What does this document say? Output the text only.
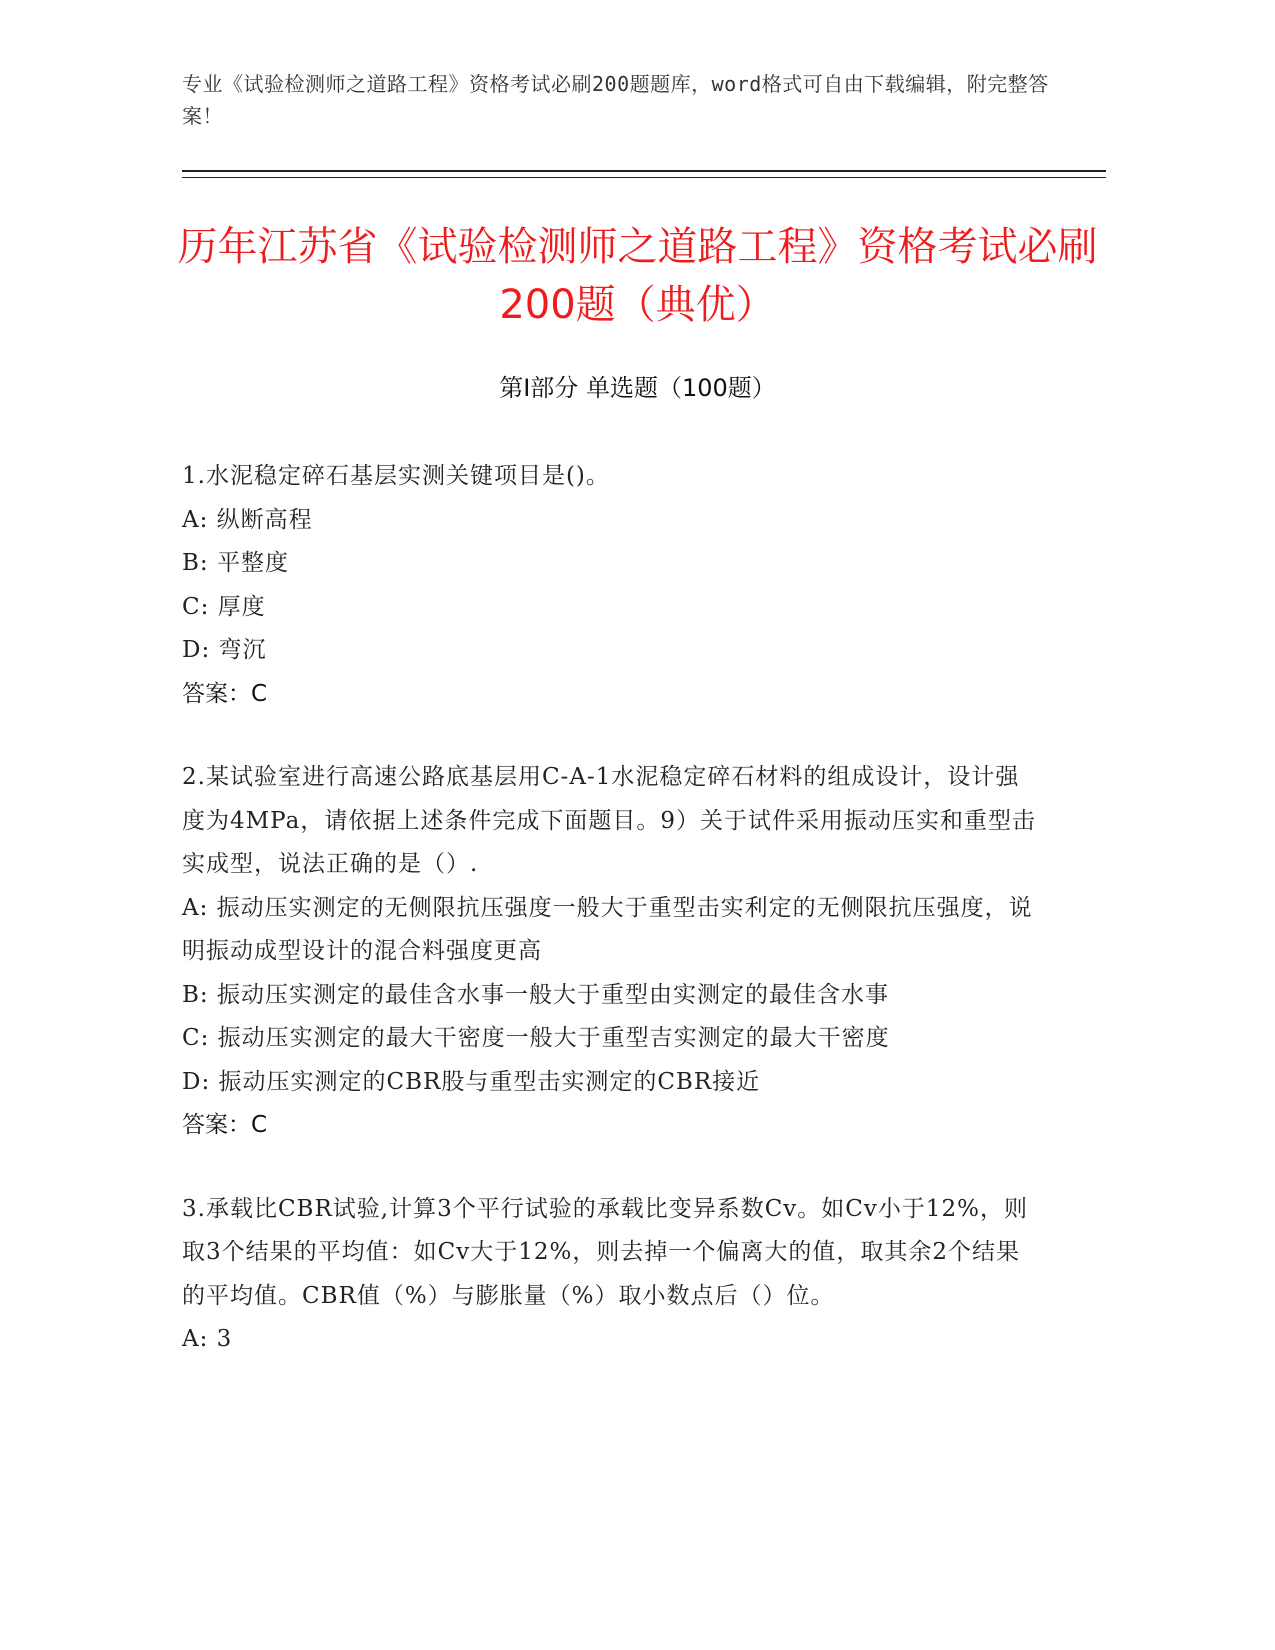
专业《试验检测师之道路工程》资格考试必刷200题题库，word格式可自由下载编辑，附完整答案！
历年江苏省《试验检测师之道路工程》资格考试必刷200题（典优）
第Ⅰ部分 单选题（100题）
1.水泥稳定碎石基层实测关键项目是()。
A: 纵断高程
B: 平整度
C: 厚度
D: 弯沉
答案：C
2.某试验室进行高速公路底基层用C-A-1水泥稳定碎石材料的组成设计，设计强度为4MPa，请依据上述条件完成下面题目。9）关于试件采用振动压实和重型击实成型，说法正确的是（）.
A: 振动压实测定的无侧限抗压强度一般大于重型击实利定的无侧限抗压强度，说明振动成型设计的混合料强度更高
B: 振动压实测定的最佳含水事一般大于重型由实测定的最佳含水事
C: 振动压实测定的最大干密度一般大于重型吉实测定的最大干密度
D: 振动压实测定的CBR股与重型击实测定的CBR接近
答案：C
3.承载比CBR试验,计算3个平行试验的承载比变异系数Cv。如Cv小于12%，则取3个结果的平均值：如Cv大于12%，则去掉一个偏离大的值，取其余2个结果的平均值。CBR值（%）与膨胀量（%）取小数点后（）位。
A: 3
